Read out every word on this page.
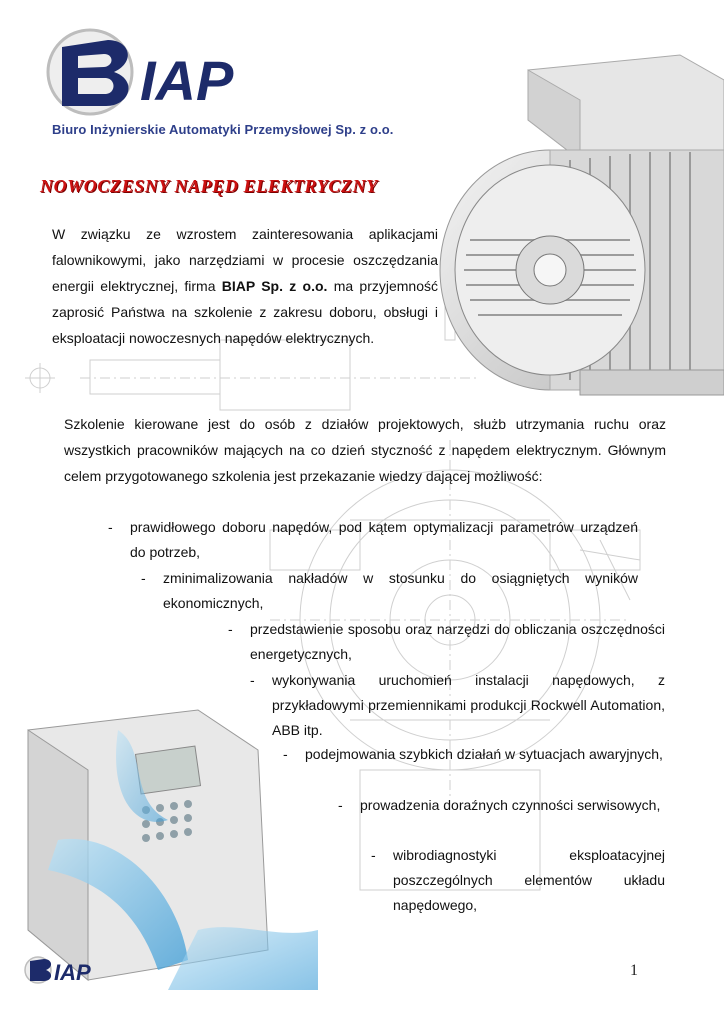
IAP
Biuro Inżynierskie Automatyki Przemysłowej Sp. z o.o.
NOWOCZESNY NAPĘD ELEKTRYCZNY
W związku ze wzrostem zainteresowania aplikacjami falownikowymi, jako narzędziami w procesie oszczędzania energii elektrycznej, firma BIAP Sp. z o.o. ma przyjemność zaprosić Państwa na szkolenie z zakresu doboru, obsługi i eksploatacji nowoczesnych napędów elektrycznych.
Szkolenie kierowane jest do osób z działów projektowych, służb utrzymania ruchu oraz wszystkich pracowników mających na co dzień styczność z napędem elektrycznym. Głównym celem przygotowanego szkolenia jest przekazanie wiedzy dającej możliwość:
- prawidłowego doboru napędów, pod kątem optymalizacji parametrów urządzeń do potrzeb,
- zminimalizowania nakładów w stosunku do osiągniętych wyników ekonomicznych,
- przedstawienie sposobu oraz narzędzi do obliczania oszczędności energetycznych,
- wykonywania uruchomień instalacji napędowych, z przykładowymi przemiennikami produkcji Rockwell Automation, ABB itp.
- podejmowania szybkich działań w sytuacjach awaryjnych,
- prowadzenia doraźnych czynności serwisowych,
- wibrodiagnostyki eksploatacyjnej poszczególnych elementów układu napędowego,
IAP	1
